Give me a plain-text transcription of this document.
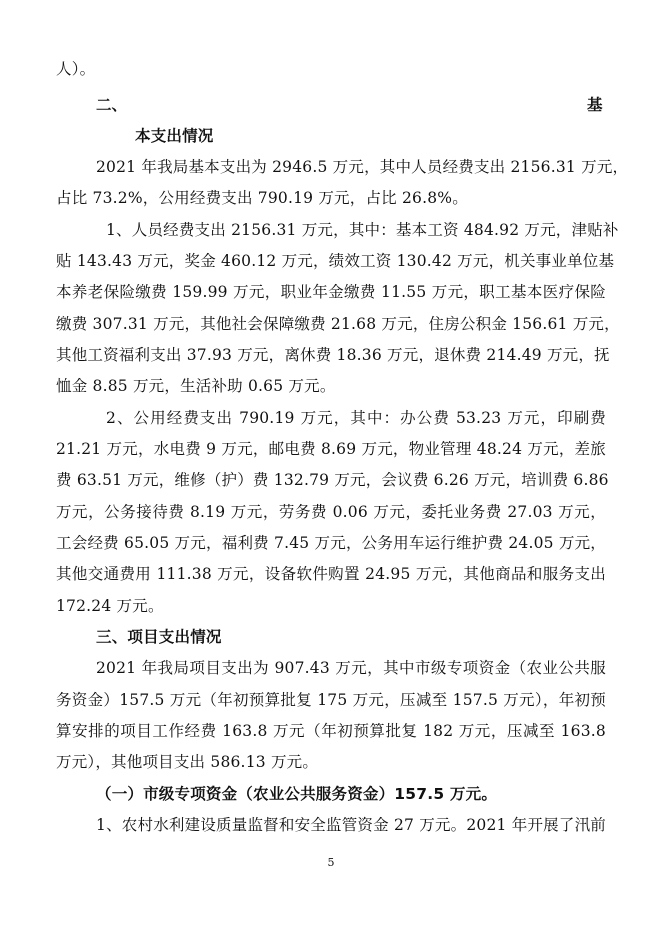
人）。
二、	基
本支出情况
2021 年我局基本支出为 2946.5 万元，其中人员经费支出 2156.31 万元，
占比 73.2%，公用经费支出 790.19 万元，占比 26.8%。
1、人员经费支出 2156.31 万元，其中：基本工资 484.92 万元，津贴补
贴 143.43 万元，奖金 460.12 万元，绩效工资 130.42 万元，机关事业单位基
本养老保险缴费 159.99 万元，职业年金缴费 11.55 万元，职工基本医疗保险
缴费 307.31 万元，其他社会保障缴费 21.68 万元，住房公积金 156.61 万元，
其他工资福利支出 37.93 万元，离休费 18.36 万元，退休费 214.49 万元，抚
恤金 8.85 万元，生活补助 0.65 万元。
2、公用经费支出 790.19 万元，其中：办公费 53.23 万元，印刷费
21.21 万元，水电费 9 万元，邮电费 8.69 万元，物业管理 48.24 万元，差旅
费 63.51 万元，维修（护）费 132.79 万元，会议费 6.26 万元，培训费 6.86
万元，公务接待费 8.19 万元，劳务费 0.06 万元，委托业务费 27.03 万元，
工会经费 65.05 万元，福利费 7.45 万元，公务用车运行维护费 24.05 万元，
其他交通费用 111.38 万元，设备软件购置 24.95 万元，其他商品和服务支出
172.24 万元。
三、项目支出情况
2021 年我局项目支出为 907.43 万元，其中市级专项资金（农业公共服
务资金）157.5 万元（年初预算批复 175 万元，压减至 157.5 万元），年初预
算安排的项目工作经费 163.8 万元（年初预算批复 182 万元，压减至 163.8
万元），其他项目支出 586.13 万元。
（一）市级专项资金（农业公共服务资金）157.5 万元。
1、农村水利建设质量监督和安全监管资金 27 万元。2021 年开展了汛前
5
